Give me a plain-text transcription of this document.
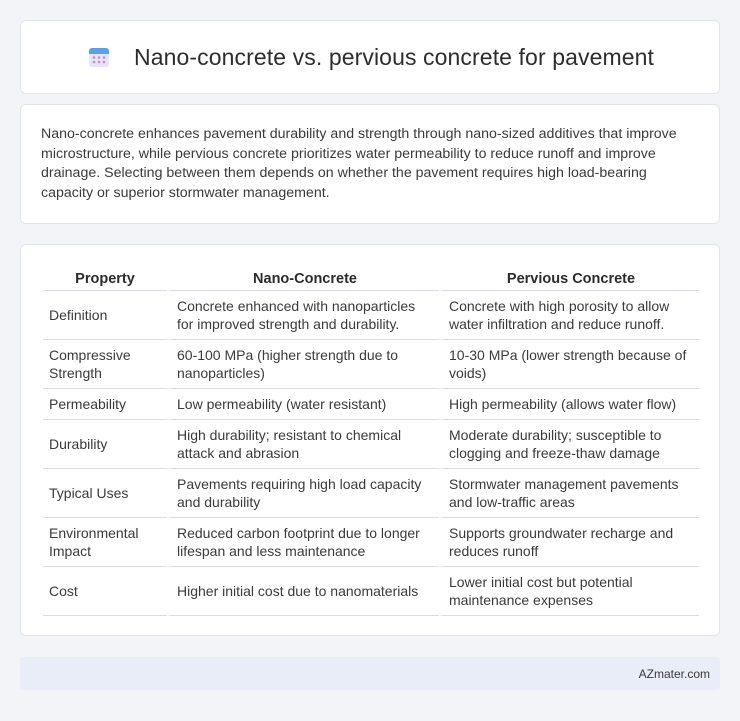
Nano-concrete vs. pervious concrete for pavement

Nano-concrete enhances pavement durability and strength through nano-sized additives that improve microstructure, while pervious concrete prioritizes water permeability to reduce runoff and improve drainage. Selecting between them depends on whether the pavement requires high load-bearing capacity or superior stormwater management.

Property	Nano-Concrete	Pervious Concrete
Definition	Concrete enhanced with nanoparticles for improved strength and durability.	Concrete with high porosity to allow water infiltration and reduce runoff.
Compressive Strength	60-100 MPa (higher strength due to nanoparticles)	10-30 MPa (lower strength because of voids)
Permeability	Low permeability (water resistant)	High permeability (allows water flow)
Durability	High durability; resistant to chemical attack and abrasion	Moderate durability; susceptible to clogging and freeze-thaw damage
Typical Uses	Pavements requiring high load capacity and durability	Stormwater management pavements and low-traffic areas
Environmental Impact	Reduced carbon footprint due to longer lifespan and less maintenance	Supports groundwater recharge and reduces runoff
Cost	Higher initial cost due to nanomaterials	Lower initial cost but potential maintenance expenses
AZmater.com
